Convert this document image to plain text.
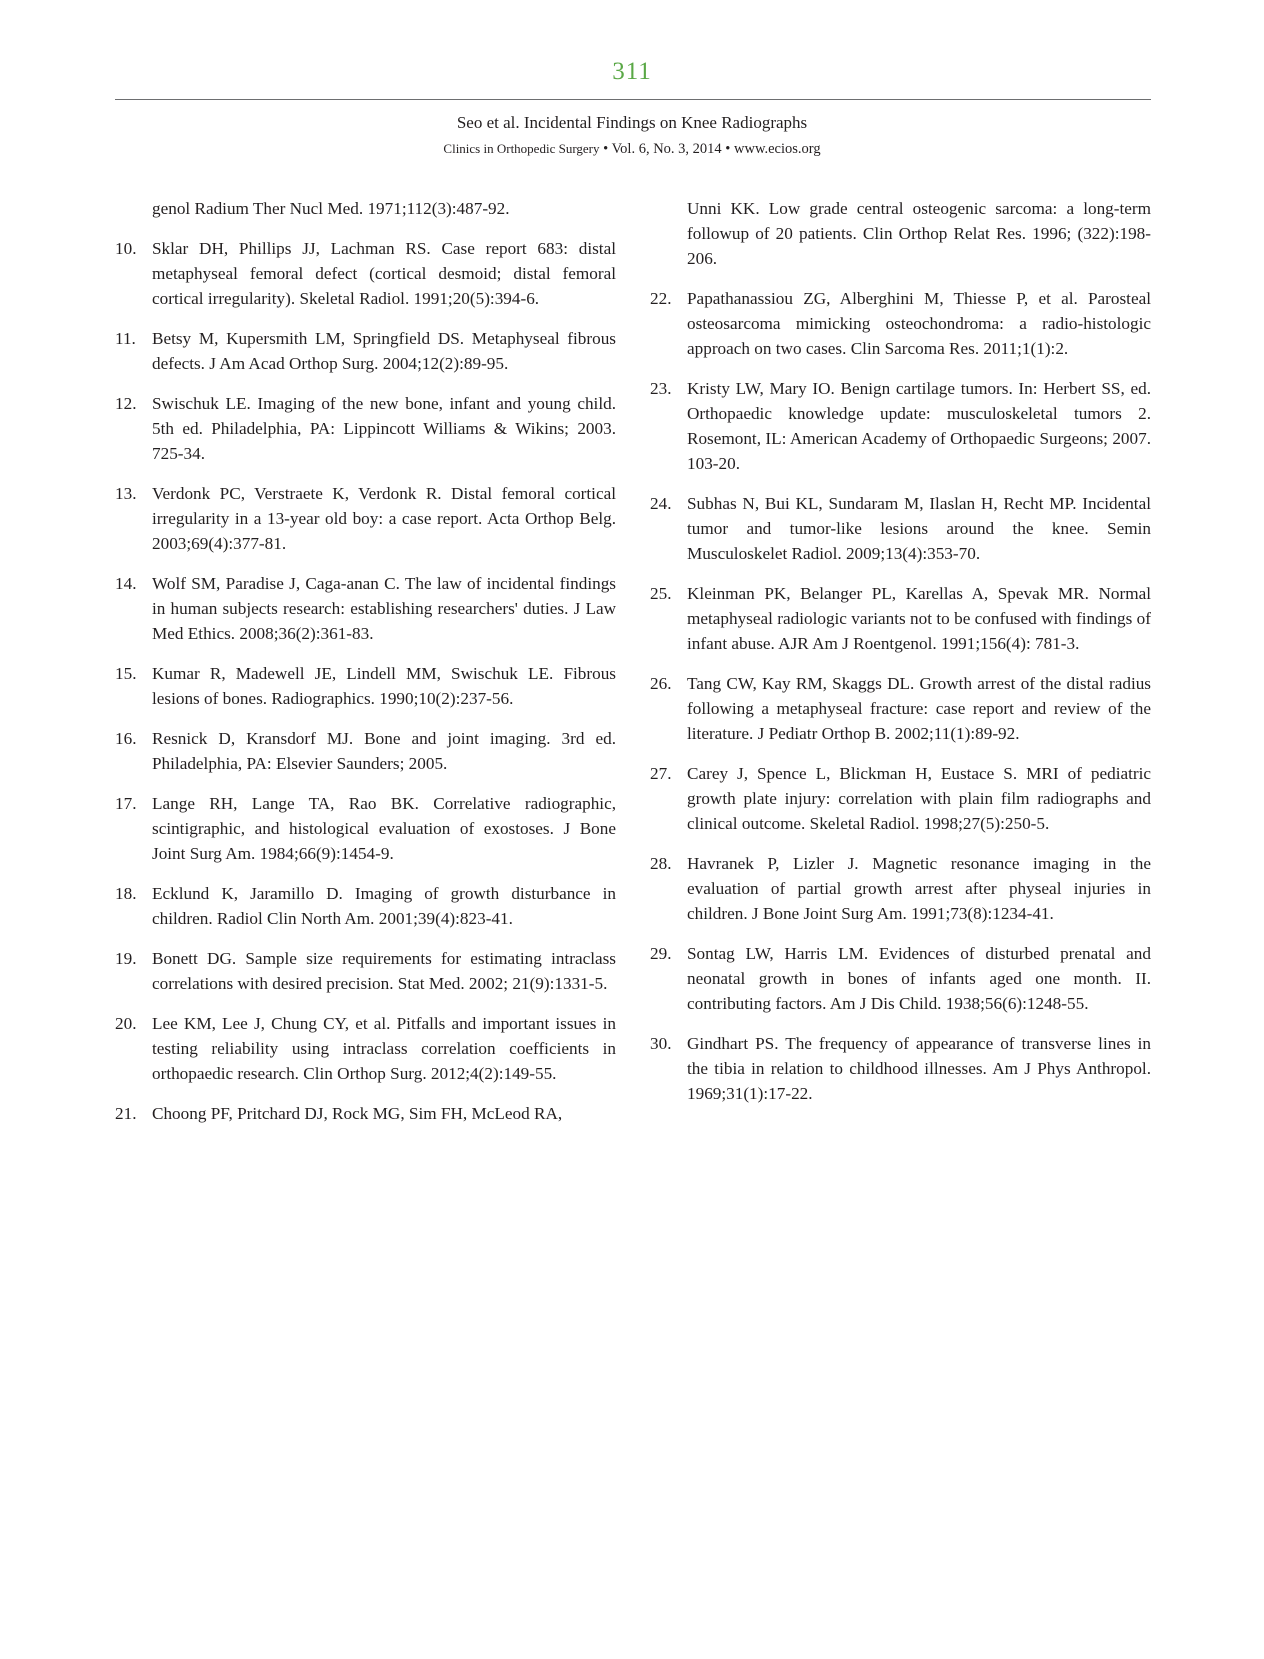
311
Seo et al. Incidental Findings on Knee Radiographs
Clinics in Orthopedic Surgery • Vol. 6, No. 3, 2014 • www.ecios.org
genol Radium Ther Nucl Med. 1971;112(3):487-92.
10. Sklar DH, Phillips JJ, Lachman RS. Case report 683: distal metaphyseal femoral defect (cortical desmoid; distal femoral cortical irregularity). Skeletal Radiol. 1991;20(5):394-6.
11. Betsy M, Kupersmith LM, Springfield DS. Metaphyseal fibrous defects. J Am Acad Orthop Surg. 2004;12(2):89-95.
12. Swischuk LE. Imaging of the new bone, infant and young child. 5th ed. Philadelphia, PA: Lippincott Williams & Wikins; 2003. 725-34.
13. Verdonk PC, Verstraete K, Verdonk R. Distal femoral cortical irregularity in a 13-year old boy: a case report. Acta Orthop Belg. 2003;69(4):377-81.
14. Wolf SM, Paradise J, Caga-anan C. The law of incidental findings in human subjects research: establishing researchers' duties. J Law Med Ethics. 2008;36(2):361-83.
15. Kumar R, Madewell JE, Lindell MM, Swischuk LE. Fibrous lesions of bones. Radiographics. 1990;10(2):237-56.
16. Resnick D, Kransdorf MJ. Bone and joint imaging. 3rd ed. Philadelphia, PA: Elsevier Saunders; 2005.
17. Lange RH, Lange TA, Rao BK. Correlative radiographic, scintigraphic, and histological evaluation of exostoses. J Bone Joint Surg Am. 1984;66(9):1454-9.
18. Ecklund K, Jaramillo D. Imaging of growth disturbance in children. Radiol Clin North Am. 2001;39(4):823-41.
19. Bonett DG. Sample size requirements for estimating intraclass correlations with desired precision. Stat Med. 2002; 21(9):1331-5.
20. Lee KM, Lee J, Chung CY, et al. Pitfalls and important issues in testing reliability using intraclass correlation coefficients in orthopaedic research. Clin Orthop Surg. 2012;4(2):149-55.
21. Choong PF, Pritchard DJ, Rock MG, Sim FH, McLeod RA,
Unni KK. Low grade central osteogenic sarcoma: a long-term followup of 20 patients. Clin Orthop Relat Res. 1996; (322):198-206.
22. Papathanassiou ZG, Alberghini M, Thiesse P, et al. Parosteal osteosarcoma mimicking osteochondroma: a radio-histologic approach on two cases. Clin Sarcoma Res. 2011;1(1):2.
23. Kristy LW, Mary IO. Benign cartilage tumors. In: Herbert SS, ed. Orthopaedic knowledge update: musculoskeletal tumors 2. Rosemont, IL: American Academy of Orthopaedic Surgeons; 2007. 103-20.
24. Subhas N, Bui KL, Sundaram M, Ilaslan H, Recht MP. Incidental tumor and tumor-like lesions around the knee. Semin Musculoskelet Radiol. 2009;13(4):353-70.
25. Kleinman PK, Belanger PL, Karellas A, Spevak MR. Normal metaphyseal radiologic variants not to be confused with findings of infant abuse. AJR Am J Roentgenol. 1991;156(4): 781-3.
26. Tang CW, Kay RM, Skaggs DL. Growth arrest of the distal radius following a metaphyseal fracture: case report and review of the literature. J Pediatr Orthop B. 2002;11(1):89-92.
27. Carey J, Spence L, Blickman H, Eustace S. MRI of pediatric growth plate injury: correlation with plain film radiographs and clinical outcome. Skeletal Radiol. 1998;27(5):250-5.
28. Havranek P, Lizler J. Magnetic resonance imaging in the evaluation of partial growth arrest after physeal injuries in children. J Bone Joint Surg Am. 1991;73(8):1234-41.
29. Sontag LW, Harris LM. Evidences of disturbed prenatal and neonatal growth in bones of infants aged one month. II. contributing factors. Am J Dis Child. 1938;56(6):1248-55.
30. Gindhart PS. The frequency of appearance of transverse lines in the tibia in relation to childhood illnesses. Am J Phys Anthropol. 1969;31(1):17-22.
